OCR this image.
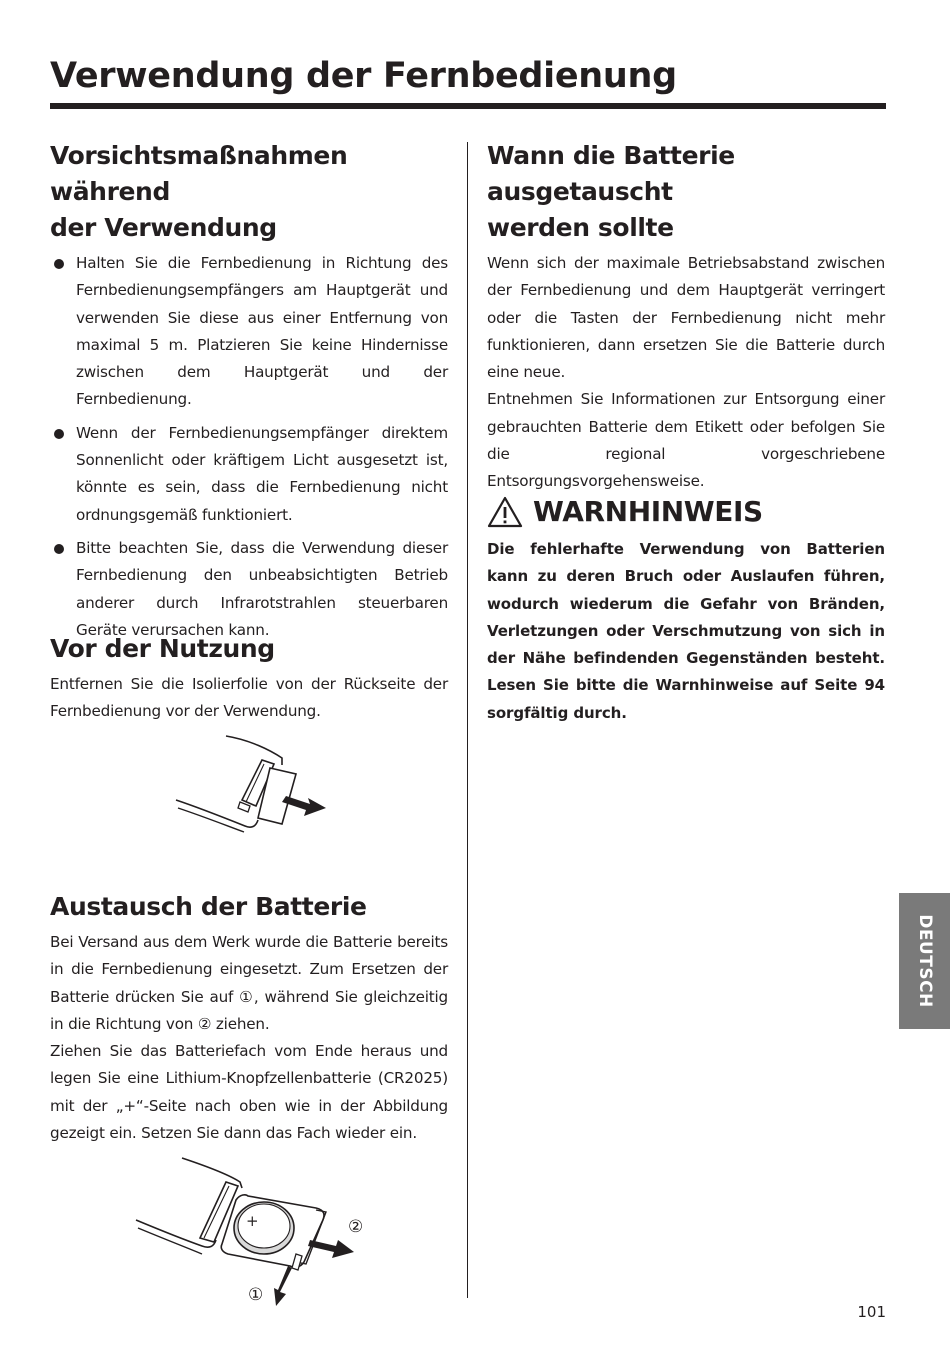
Verwendung der Fernbedienung
Vorsichtsmaßnahmen während
der Verwendung
Halten Sie die Fernbedienung in Richtung des Fernbedienungsempfängers am Hauptgerät und verwenden Sie diese aus einer Entfernung von maximal 5 m. Platzieren Sie keine Hindernisse zwischen dem Hauptgerät und der Fernbedienung.
Wenn der Fernbedienungsempfänger direktem Sonnenlicht oder kräftigem Licht ausgesetzt ist, könnte es sein, dass die Fernbedienung nicht ordnungsgemäß funktioniert.
Bitte beachten Sie, dass die Verwendung dieser Fernbedienung den unbeabsichtigten Betrieb anderer durch Infrarotstrahlen steuerbaren Geräte verursachen kann.
Vor der Nutzung

Entfernen Sie die Isolierfolie von der Rückseite der Fernbedienung vor der Verwendung.

Austausch der Batterie

Bei Versand aus dem Werk wurde die Batterie bereits in die Fernbedienung eingesetzt. Zum Ersetzen der Batterie drücken Sie auf ①, während Sie gleichzeitig in die Richtung von ② ziehen.

Ziehen Sie das Batteriefach vom Ende heraus und legen Sie eine Lithium-Knopfzellenbatterie (CR2025) mit der „+“-Seite nach oben wie in der Abbildung gezeigt ein. Setzen Sie dann das Fach wieder ein.

+	②
①
Wann die Batterie ausgetauscht
werden sollte

Wenn sich der maximale Betriebsabstand zwischen der Fernbedienung und dem Hauptgerät verringert oder die Tasten der Fernbedienung nicht mehr funktionieren, dann ersetzen Sie die Batterie durch eine neue.

Entnehmen Sie Informationen zur Entsorgung einer gebrauchten Batterie dem Etikett oder befolgen Sie die regional vorgeschriebene Entsorgungsvorgehensweise.

WARNHINWEIS

Die fehlerhafte Verwendung von Batterien kann zu deren Bruch oder Auslaufen führen, wodurch wiederum die Gefahr von Bränden, Verletzungen oder Verschmutzung von sich in der Nähe befindenden Gegenständen besteht. Lesen Sie bitte die Warnhinweise auf Seite 94 sorgfältig durch.

DEUTSCH
101
